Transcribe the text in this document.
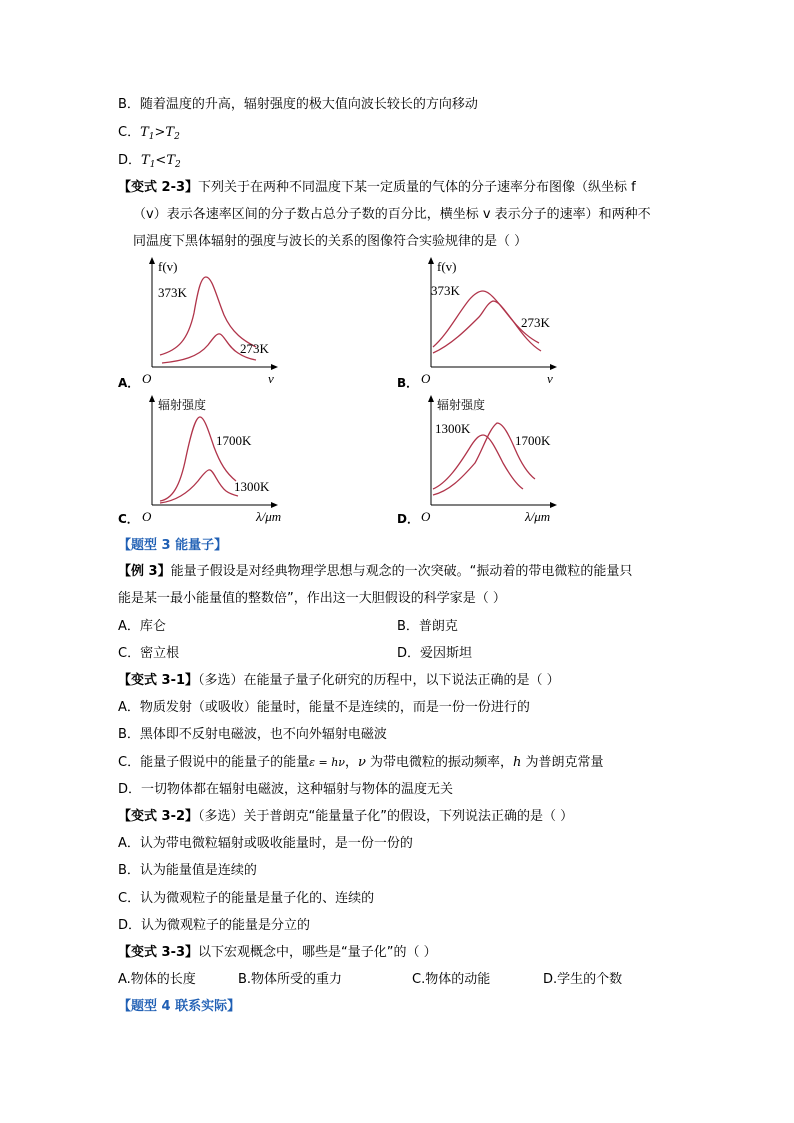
B．随着温度的升高，辐射强度的极大值向波长较长的方向移动
C．$T_1>T_2$
D．$T_1<T_2$
【变式 2-3】下列关于在两种不同温度下某一定质量的气体的分子速率分布图像（纵坐标 f
（v）表示各速率区间的分子数占总分子数的百分比，横坐标 v 表示分子的速率）和两种不
同温度下黑体辐射的强度与波长的关系的图像符合实验规律的是（ ）
A．
f(v)
373K
273K
O	v	B．
f(v)
373K
273K
O	v
C．
辐射强度
1700K
1300K
O	λ/μm	D．
辐射强度
1300K
1700K
O	λ/μm
【题型 3 能量子】
【例 3】能量子假设是对经典物理学思想与观念的一次突破。“振动着的带电微粒的能量只
能是某一最小能量值的整数倍”，作出这一大胆假设的科学家是（ ）
A．库仑	B．普朗克
C．密立根	D．爱因斯坦
【变式 3-1】（多选）在能量子量子化研究的历程中，以下说法正确的是（ ）
A．物质发射（或吸收）能量时，能量不是连续的，而是一份一份进行的
B．黑体即不反射电磁波，也不向外辐射电磁波
C．能量子假说中的能量子的能量ε = hν，ν 为带电微粒的振动频率，h 为普朗克常量
D．一切物体都在辐射电磁波，这种辐射与物体的温度无关
【变式 3-2】（多选）关于普朗克“能量量子化”的假设，下列说法正确的是（ ）
A．认为带电微粒辐射或吸收能量时，是一份一份的
B．认为能量值是连续的
C．认为微观粒子的能量是量子化的、连续的
D．认为微观粒子的能量是分立的
【变式 3-3】以下宏观概念中，哪些是“量子化”的（ ）
A.物体的长度	B.物体所受的重力	C.物体的动能	D.学生的个数
【题型 4 联系实际】
